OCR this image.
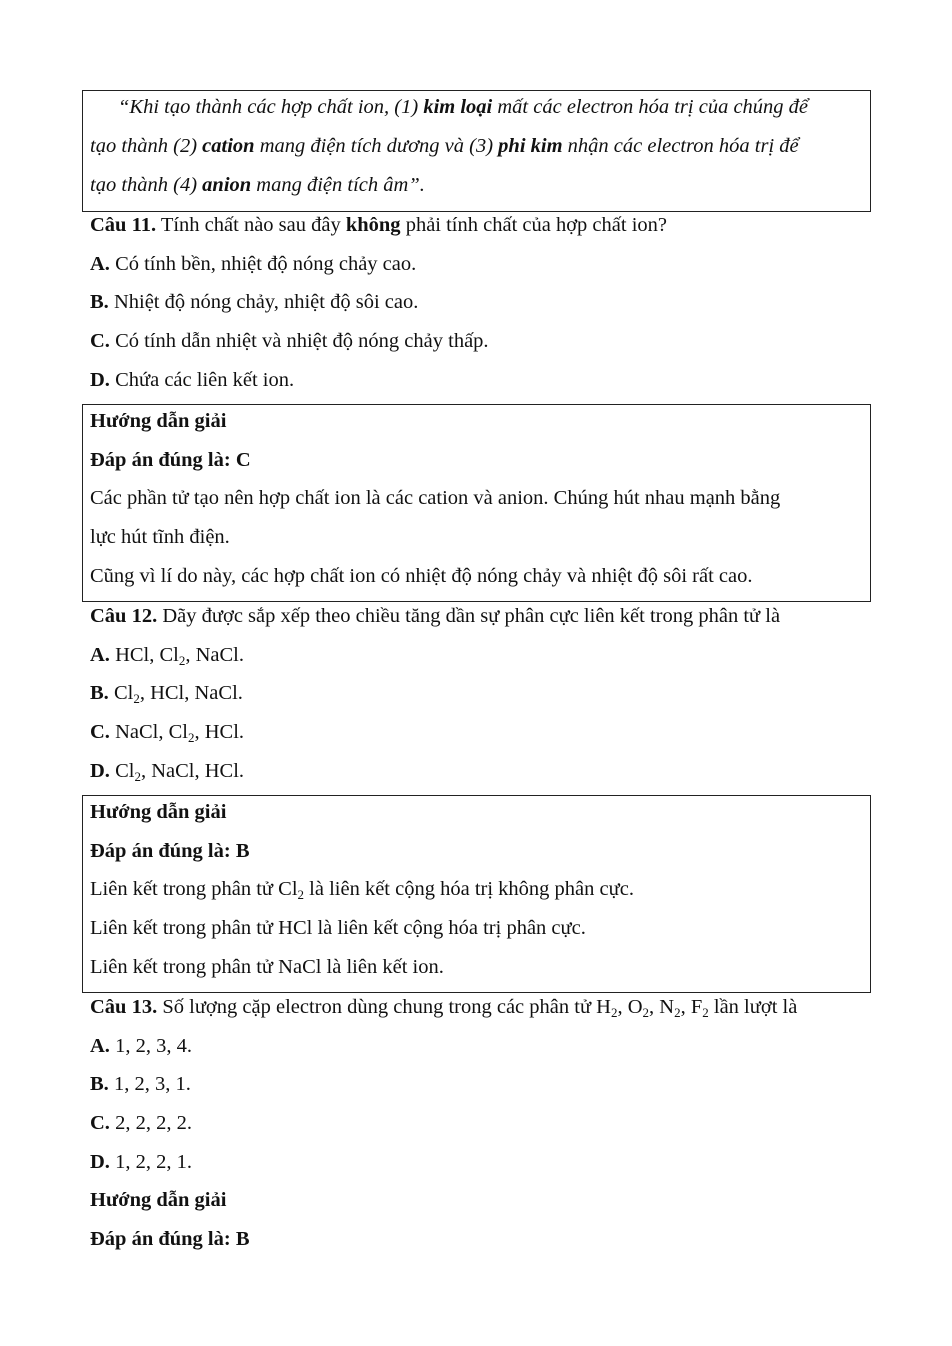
“Khi tạo thành các hợp chất ion, (1) kim loại mất các electron hóa trị của chúng để
tạo thành (2) cation mang điện tích dương và (3) phi kim nhận các electron hóa trị để
tạo thành (4) anion mang điện tích âm”.
Câu 11. Tính chất nào sau đây không phải tính chất của hợp chất ion?
A. Có tính bền, nhiệt độ nóng chảy cao.
B. Nhiệt độ nóng chảy, nhiệt độ sôi cao.
C. Có tính dẫn nhiệt và nhiệt độ nóng chảy thấp.
D. Chứa các liên kết ion.
Hướng dẫn giải
Đáp án đúng là: C
Các phần tử tạo nên hợp chất ion là các cation và anion. Chúng hút nhau mạnh bằng
lực hút tĩnh điện.
Cũng vì lí do này, các hợp chất ion có nhiệt độ nóng chảy và nhiệt độ sôi rất cao.
Câu 12. Dãy được sắp xếp theo chiều tăng dần sự phân cực liên kết trong phân tử là
A. HCl, $Cl_2$, NaCl.
B. $Cl_2$, HCl, NaCl.
C. NaCl, $Cl_2$, HCl.
D. $Cl_2$, NaCl, HCl.
Hướng dẫn giải
Đáp án đúng là: B
Liên kết trong phân tử $Cl_2$ là liên kết cộng hóa trị không phân cực.
Liên kết trong phân tử HCl là liên kết cộng hóa trị phân cực.
Liên kết trong phân tử NaCl là liên kết ion.
Câu 13. Số lượng cặp electron dùng chung trong các phân tử $H_2$, $O_2$, $N_2$, $F_2$ lần lượt là
A. 1, 2, 3, 4.
B. 1, 2, 3, 1.
C. 2, 2, 2, 2.
D. 1, 2, 2, 1.
Hướng dẫn giải
Đáp án đúng là: B
